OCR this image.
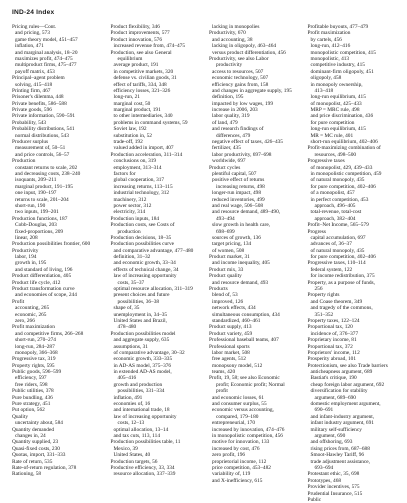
IND-24 Index
Pricing rules—Cont.
and pricing, 573
game theory model, 451–457
inflation, 471
and marginal analysis, 18–20
maximizes profit, 474–475
multiproduct firms, 475–477
payoff matrix, 453
Principal–agent problem
solving, 415–418
Printing firm, 467
Prisoner's dilemma, 448
Private benefits, 586–588
Private goods, 596
Private information, 590–591
Probability, 543
Probability distributions, 541
normal distributions, 543
Producer surplus
measurement of, 50–51
and price controls, 56–57
Production
constant returns to scale, 202
and decreasing costs, 238–240
isoquants, 209–211
marginal product, 191–195
one input, 190–197
returns to scale, 201–204
short-run, 190
two inputs, 199–201
Production functions, 187
Cobb-Douglas, 203
fixed-proportions, 209
linear, 208
Production possibilities frontier, 600
Productivity
labor, 194
growth in, 195
and standard of living, 196
Product differentiation, 405
Product life cycle, 412
Product transformation curve
and economies of scope, 244
Profit
accounting, 265
economic, 265
zero, 266
Profit maximization
and competitive firms, 266–268
short-run, 270–274
long-run, 284–287
monopoly, 366–368
Progressive tax, 319
Property rights, 595
Public goods, 596–599
efficiency, 597
free riders, 598
Public utilities, 378
Pure bundling, 436
Pure strategy, 451
Put option, 562
Quality
uncertainty about, 584
Quantity demanded
changes in, 24
Quantity supplied, 23
Quasi-fixed costs, 230
Quotas, import, 331–333
Rate of return, 535
Rate-of-return regulation, 378
Rationing, 58
Product flexibility, 346
Product improvements, 577
Product innovation, 576
increased revenue from, 474–475
Production, see also General
equilibrium
average product, 191
in competitive markets, 320
defense vs. civilian goods, 31
effect of tariffs, 334, 348
efficiency losses, 321–326
long-run, 21
marginal cost, 50
marginal product, 191
to other intermediaries, 340
problems in command systems, 59
Soviet law, 192
substitution in, 52
trade-off, 192
valued added in import, 407
Production acceleration, 311–314
conclusions on, 319
employment, 313–314
factors for
global cooperation, 317
increasing returns, 113–115
industrial technology, 312
machinery, 312
power sector, 312
electricity, 314
Production inputs, 184
Production costs, see Costs of
production
Production decisions, 18–35
Production possibilities curve
and comparative advantage, 477–480
definition, 31–32
and economic growth, 33–34
effects of technical change, 34
law of increasing opportunity
costs, 35–37
optimal resource allocation, 311–319
present choices and future
possibilities, 36–38
shape of, 35
unemployment in, 34–35
United States and Brazil,
478–480
Production possibilities model
and aggregate supply, 635
assumptions, 31
of comparative advantage, 30–32
economic growth, 333–335
in AD-AS model, 375–376
in extended AD-AS model,
405–416
growth and production
possibilities, 331–334
inflation, 491
economies of, 16
and international trade, 18
law of increasing opportunity
costs, 12–13
optimal allocation, 13–14
and tax cuts, 113, 114
Production possibilities table, 11
Mexico, 39
United States, 40
Production targets, 56
Productive efficiency, 33, 334
resource allocation, 337–339
lacking in monopolies
Productivity, 670
and accounting, 38
lacking in oligopoly, 463–464
versus product differentiation, 456
Productivity, see also Labor
productivity
access to resources, 507
economic technology, 507
efficiency gains from, 158
and changes in aggregate supply, 195
definition, 195
impacted by low wages, 199
increase in 2006, 203
labor quality, 319
of land, 479
and research findings of
differences, 479
negative effect of taxes, 426–435
fertilizer, 435
labor productivity, 697–698
worldwide, 697
Product cycles
plentiful capital, 507
positive effect of returns
increasing returns, 498
longer-run impact, 498
reduced inventories, 499
and real wage, 506–508
and resource demand, 489–490,
493–494
slow growth in health care,
698–699
sources of growth, 136
target pricing, 134
of women, 508
Product market, 31
and income inequality, 405
Product mix, 33
Product quality
and resource demand, 493
Products
blend of, 53
improved, 126
network effects, 434
simultaneous consumption, 434
standardized, 460–461
Product supply, 413
Product variety, 459
Professional baseball teams, 407
Professional sports
labor market, 508
free agents, 512
monopsony model, 512
teams, 420
Profit, 19, 58; see also Economic
profit; Economic profit; Normal
profit
and economic losses, 61
and consumer surplus, 55
economic versus accounting,
compared, 179–180
entrepreneurial, 170
increased by innovation, 474–476
in monopolistic competition, 456
motive for innovation, 133
increased by cost, 476
zero profit, 196
proprietorial income, 112
price competition, 453–482
variability of, 119
and X-inefficiency, 615
Profitable buyouts, 477–479
Profit maximization
by cartels, 456
long-run, 412–416
monopolistic competition, 415
monopolistic, 413
competitive industry, 415
dominant-firm oligopoly, 451
oligopoly, 458
in monopoly ownership,
413–418
long-run equilibrium, 415
of monopolist, 425–433
MRP = MRC rule, 498
and price discrimination, 436
for pure competition
long-run equilibrium, 415
MR = MC rule, 401
short-run equilibrium, 402–406
Profit-maximizing combination of
resources, 498–500
Progressive taxes
of monopolist, 429, 439–433
in monopolistic competition, 459
of natural monopoly, 435
for pure competition, 402–406
of a monopolist, 457
in perfect competition, 453
approach, 496–405
total-revenue, total-cost
approach, 382–404
Profit–Net Income, 565–579
Progress
capital accumulation, 697
advances of, 36–37
of natural monopoly, 435
for pure competition, 402–406
Progressive taxes, 110–114
federal system, 122
for income redistribution, 375
Property, as a purpose of funds,
256
Property rights
and Coase theorem, 349
and tragedy of the commons,
351–352
Property taxes, 122–124
Proportional tax, 120
incidence of, 376–377
Proprietary income, 81
Proportional tax, 372
Proprietors' income, 112
Prosperity abroad, 101
Protectionism, see also Trade barriers
anticheapness argument, 689
Bastiat's critique, 190
cheap foreign labor argument, 692
diversification for stability
argument, 689–690
domestic employment argument,
690–691
and infant-industry argument,
infant industry argument, 691
military self-sufficiency
argument, 690
and offshoring, 693
rising prices from, 687–688
Smoot-Hawley Tariff, 96
trade adjustment assistance,
693–694
Protestant ethic, 35, 698
Prototypes, 468
Provider incentives, 575
Prudential Insurance, 515
Public
